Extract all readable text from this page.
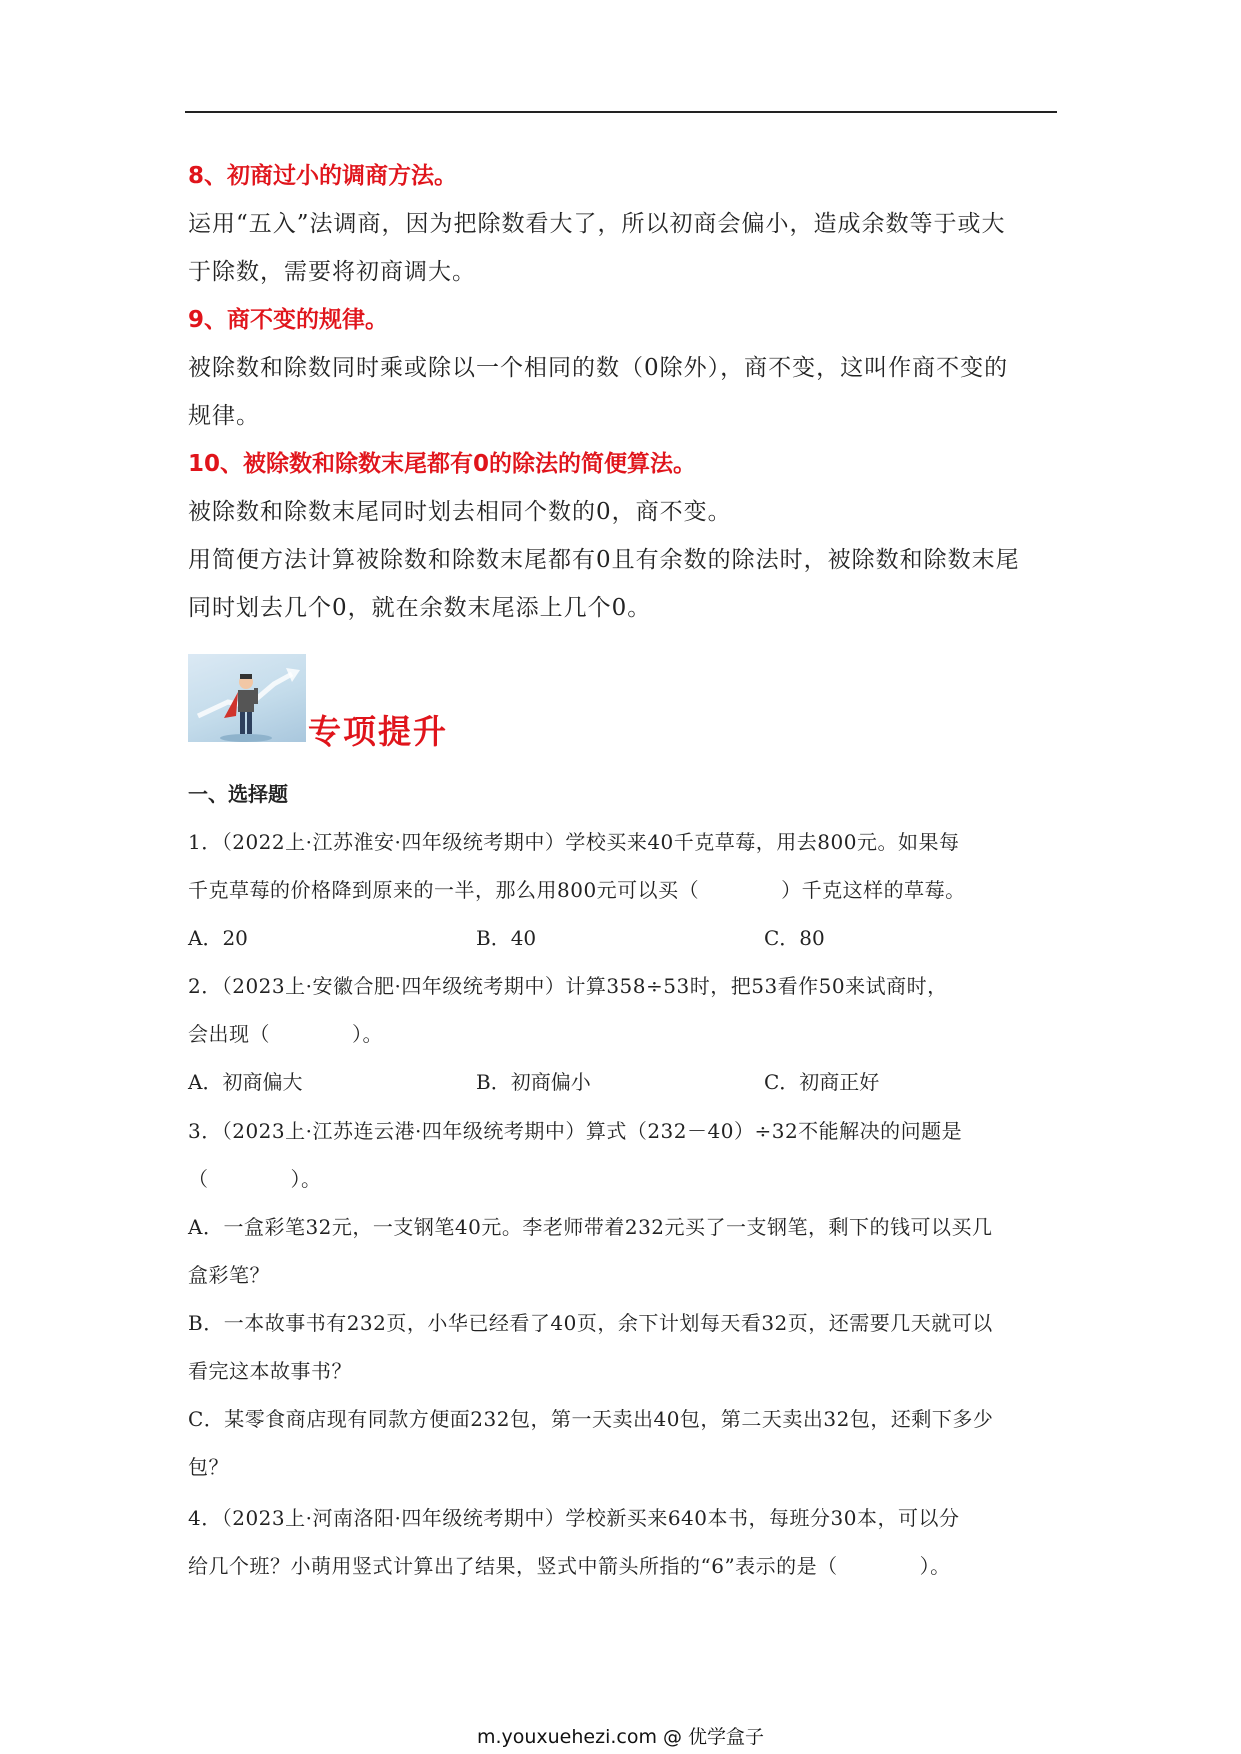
8、初商过小的调商方法。
运用“五入”法调商，因为把除数看大了，所以初商会偏小，造成余数等于或大
于除数，需要将初商调大。
9、商不变的规律。
被除数和除数同时乘或除以一个相同的数（0除外），商不变，这叫作商不变的
规律。
10、被除数和除数末尾都有0的除法的简便算法。
被除数和除数末尾同时划去相同个数的0，商不变。
用简便方法计算被除数和除数末尾都有0且有余数的除法时，被除数和除数末尾
同时划去几个0，就在余数末尾添上几个0。
专项提升
一、选择题
1．（2022上·江苏淮安·四年级统考期中）学校买来40千克草莓，用去800元。如果每
千克草莓的价格降到原来的一半，那么用800元可以买（　　　　）千克这样的草莓。
A．20	B．40	C．80
2．（2023上·安徽合肥·四年级统考期中）计算358÷53时，把53看作50来试商时，
会出现（　　　　）。
A．初商偏大	B．初商偏小	C．初商正好
3．（2023上·江苏连云港·四年级统考期中）算式（232－40）÷32不能解决的问题是
（　　　　）。
A．一盒彩笔32元，一支钢笔40元。李老师带着232元买了一支钢笔，剩下的钱可以买几
盒彩笔？
B．一本故事书有232页，小华已经看了40页，余下计划每天看32页，还需要几天就可以
看完这本故事书？
C．某零食商店现有同款方便面232包，第一天卖出40包，第二天卖出32包，还剩下多少
包？
4．（2023上·河南洛阳·四年级统考期中）学校新买来640本书，每班分30本，可以分
给几个班？小萌用竖式计算出了结果，竖式中箭头所指的“6”表示的是（　　　　）。
m.youxuehezi.com @ 优学盒子
